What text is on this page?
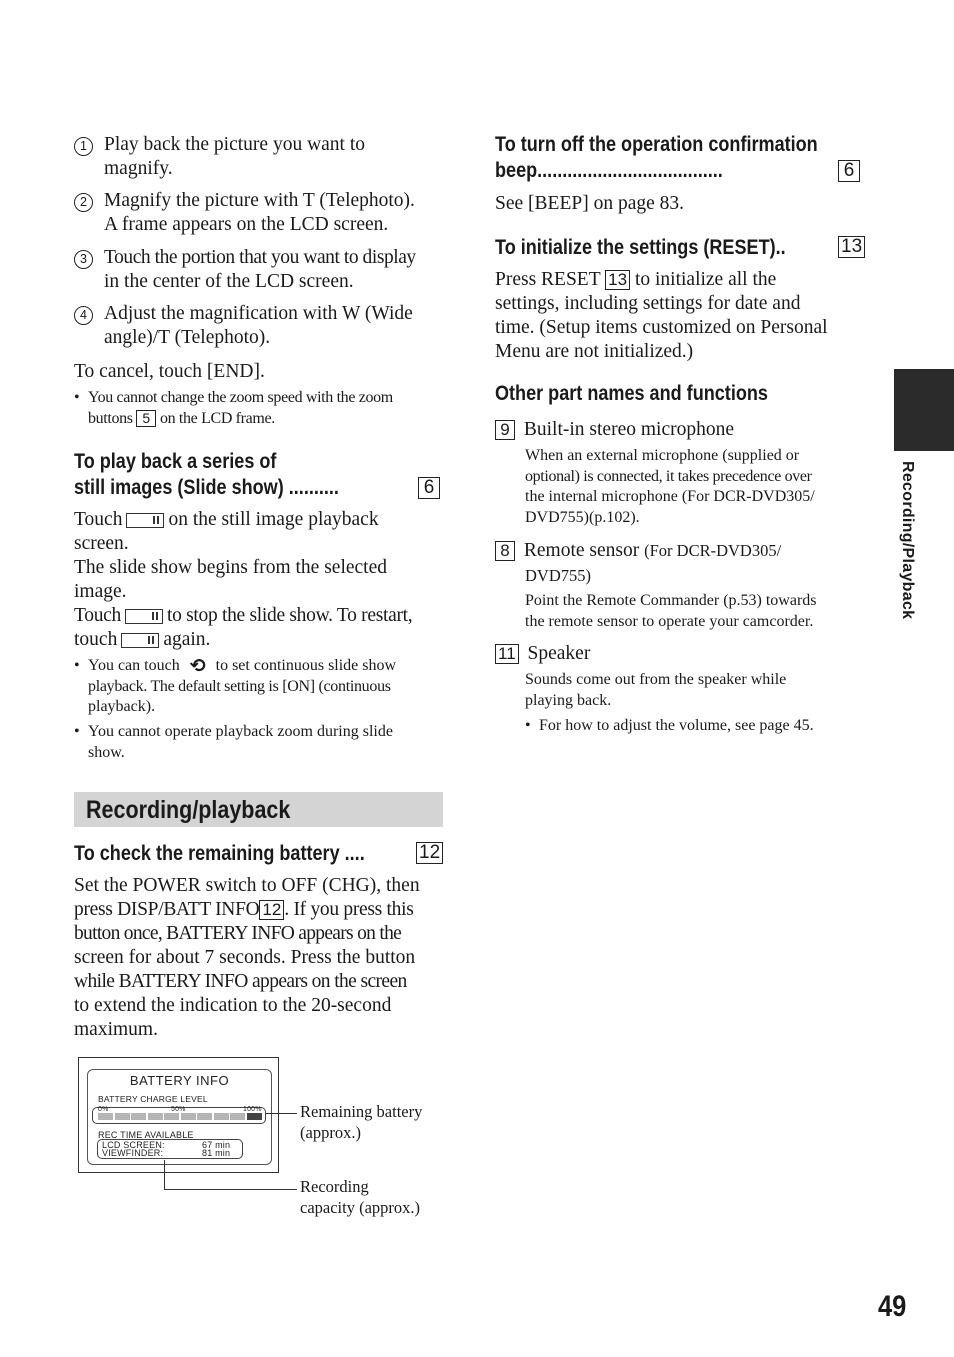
1 Play back the picture you want to
magnify.
2 Magnify the picture with T (Telephoto).
A frame appears on the LCD screen.
3 Touch the portion that you want to display
in the center of the LCD screen.
4 Adjust the magnification with W (Wide
angle)/T (Telephoto).
To cancel, touch [END].
• You cannot change the zoom speed with the zoom
buttons 5 on the LCD frame.
To play back a series of
still images (Slide show) ..........	6
Touch on the still image playback
screen.
The slide show begins from the selected
image.
Touch to stop the slide show. To restart,
touch again.
• You can touch ⟲ to set continuous slide show
playback. The default setting is [ON] (continuous
playback).
• You cannot operate playback zoom during slide
show.
Recording/playback
To check the remaining battery ....	12
Set the POWER switch to OFF (CHG), then
press DISP/BATT INFO 12 . If you press this
button once, BATTERY INFO appears on the
screen for about 7 seconds. Press the button
while BATTERY INFO appears on the screen
to extend the indication to the 20-second
maximum.
BATTERY INFO
BATTERY CHARGE LEVEL
0%	50%	100%
REC TIME AVAILABLE
LCD SCREEN:	67 min
VIEWFINDER:	81 min
Remaining battery
(approx.)
Recording
capacity (approx.)
To turn off the operation confirmation
beep.....................................	6
See [BEEP] on page 83.
To initialize the settings (RESET)..	13
Press RESET 13 to initialize all the
settings, including settings for date and
time. (Setup items customized on Personal
Menu are not initialized.)
Other part names and functions
9 Built-in stereo microphone
When an external microphone (supplied or
optional) is connected, it takes precedence over
the internal microphone (For DCR-DVD305/
DVD755)(p.102).
8 Remote sensor (For DCR-DVD305/
DVD755)
Point the Remote Commander (p.53) towards
the remote sensor to operate your camcorder.
11 Speaker
Sounds come out from the speaker while
playing back.
• For how to adjust the volume, see page 45.
Recording/Playback
49
